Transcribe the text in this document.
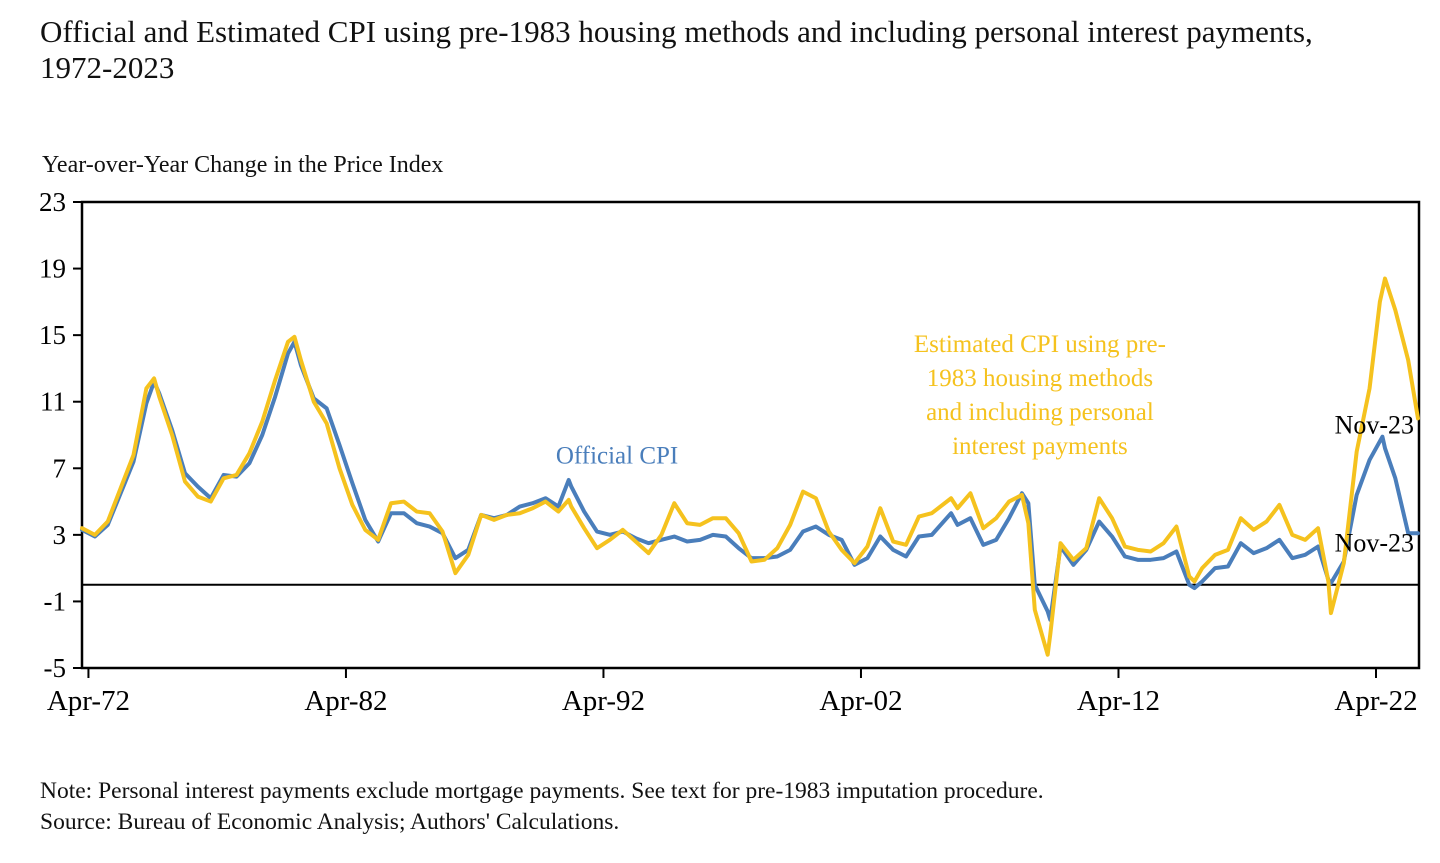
Official and Estimated CPI using pre-1983 housing methods and including personal interest payments, 1972-2023
Year-over-Year Change in the Price Index
-5
-1
3
7
11
15
19
23
Apr-72	Apr-82	Apr-92	Apr-02	Apr-12	Apr-22
Official CPI
Estimated CPI using pre-
1983 housing methods
and including personal
interest payments
Nov-23
Nov-23
Note: Personal interest payments exclude mortgage payments. See text for pre-1983 imputation procedure.
Source: Bureau of Economic Analysis; Authors' Calculations.
